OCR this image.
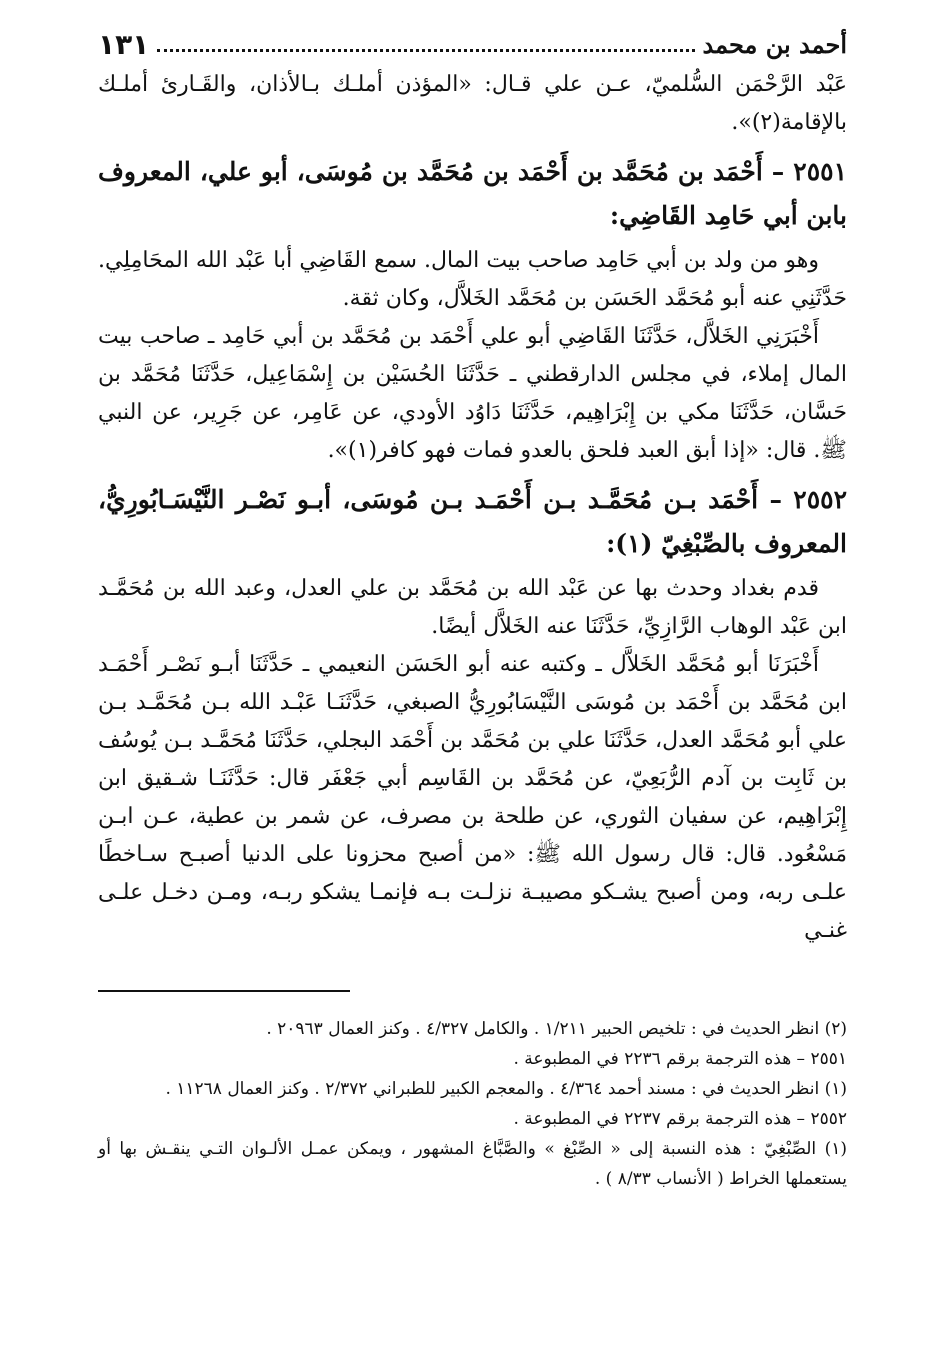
أحمد بن محمد
١٣١

عَبْد الرَّحْمَن السُّلميّ، عـن علي قـال: «المؤذن أملـك بـالأذان، والقَـارئ أملـك بالإقامة(٢)».

٢٥٥١ – أَحْمَد بن مُحَمَّد بن أَحْمَد بن مُحَمَّد بن مُوسَى، أبو علي، المعروف بابن أبي حَامِد القَاضِي:

وهو من ولد بن أبي حَامِد صاحب بيت المال. سمع القَاضِي أبا عَبْد الله المحَامِلِي. حَدَّثَنِي عنه أبو مُحَمَّد الحَسَن بن مُحَمَّد الخَلاَّل، وكان ثقة.

أَخْبَرَنِي الخَلاَّل، حَدَّثَنَا القَاضِي أبو علي أَحْمَد بن مُحَمَّد بن أبي حَامِد ـ صاحب بيت المال إملاء، في مجلس الدارقطني ـ حَدَّثَنَا الحُسَيْن بن إِسْمَاعِيل، حَدَّثَنَا مُحَمَّد بن حَسَّان، حَدَّثَنَا مكي بن إِبْرَاهِيم، حَدَّثَنَا دَاوُد الأودي، عن عَامِر، عن جَرِير، عن النبي ﷺ. قال: «إذا أبق العبد فلحق بالعدو فمات فهو كافر(١)».

٢٥٥٢ – أَحْمَد بـن مُحَمَّـد بـن أَحْمَـد بـن مُوسَى، أبـو نَصْـر النَّيْسَـابُورِيُّ، المعروف بالصِّبْغِيّ (١):

قدم بغداد وحدث بها عن عَبْد الله بن مُحَمَّد بن علي العدل، وعبد الله بن مُحَمَّـد ابن عَبْد الوهاب الرَّازِيِّ، حَدَّثَنَا عنه الخَلاَّل أيضًا.

أَخْبَرَنَا أبو مُحَمَّد الخَلاَّل ـ وكتبه عنه أبو الحَسَن النعيمي ـ حَدَّثَنَا أبـو نَصْـر أَحْمَـد ابن مُحَمَّد بن أَحْمَد بن مُوسَى النَّيْسَابُورِيُّ الصبغي، حَدَّثَنَـا عَبْـد الله بـن مُحَمَّـد بـن علي أبو مُحَمَّد العدل، حَدَّثَنَا علي بن مُحَمَّد بن أَحْمَد البجلي، حَدَّثَنَا مُحَمَّـد بـن يُوسُف بن ثَابِت بن آدم الرُّبَعِيّ، عن مُحَمَّد بن القَاسِم أبي جَعْفَر قال: حَدَّثَنَـا شـقيق ابن إِبْرَاهِيم، عن سفيان الثوري، عن طلحة بن مصرف، عن شمر بن عطية، عـن ابـن مَسْعُود. قال: قال رسول الله ﷺ: «من أصبح محزونا على الدنيا أصبـح سـاخطًا علـى ربه، ومن أصبح يشـكو مصيبـة نزلـت بـه فإنمـا يشكو ربـه، ومـن دخـل علـى غنـي

(٢) انظر الحديث في : تلخيص الحبير ١/٢١١ . والكامل ٤/٣٢٧ . وكنز العمال ٢٠٩٦٣ .

٢٥٥١ – هذه الترجمة برقم ٢٢٣٦ في المطبوعة .

(١) انظر الحديث في : مسند أحمد ٤/٣٦٤ . والمعجم الكبير للطبراني ٢/٣٧٢ . وكنز العمال ١١٢٦٨ .

٢٥٥٢ – هذه الترجمة برقم ٢٢٣٧ في المطبوعة .

(١) الصِّبْغِيّ : هذه النسبة إلى « الصِّبْغ » والصَّبَّاغ المشهور ، ويمكن عمـل الألـوان التـي ينقـش بها أو يستعملها الخراط ( الأنساب ٨/٣٣ ) .
